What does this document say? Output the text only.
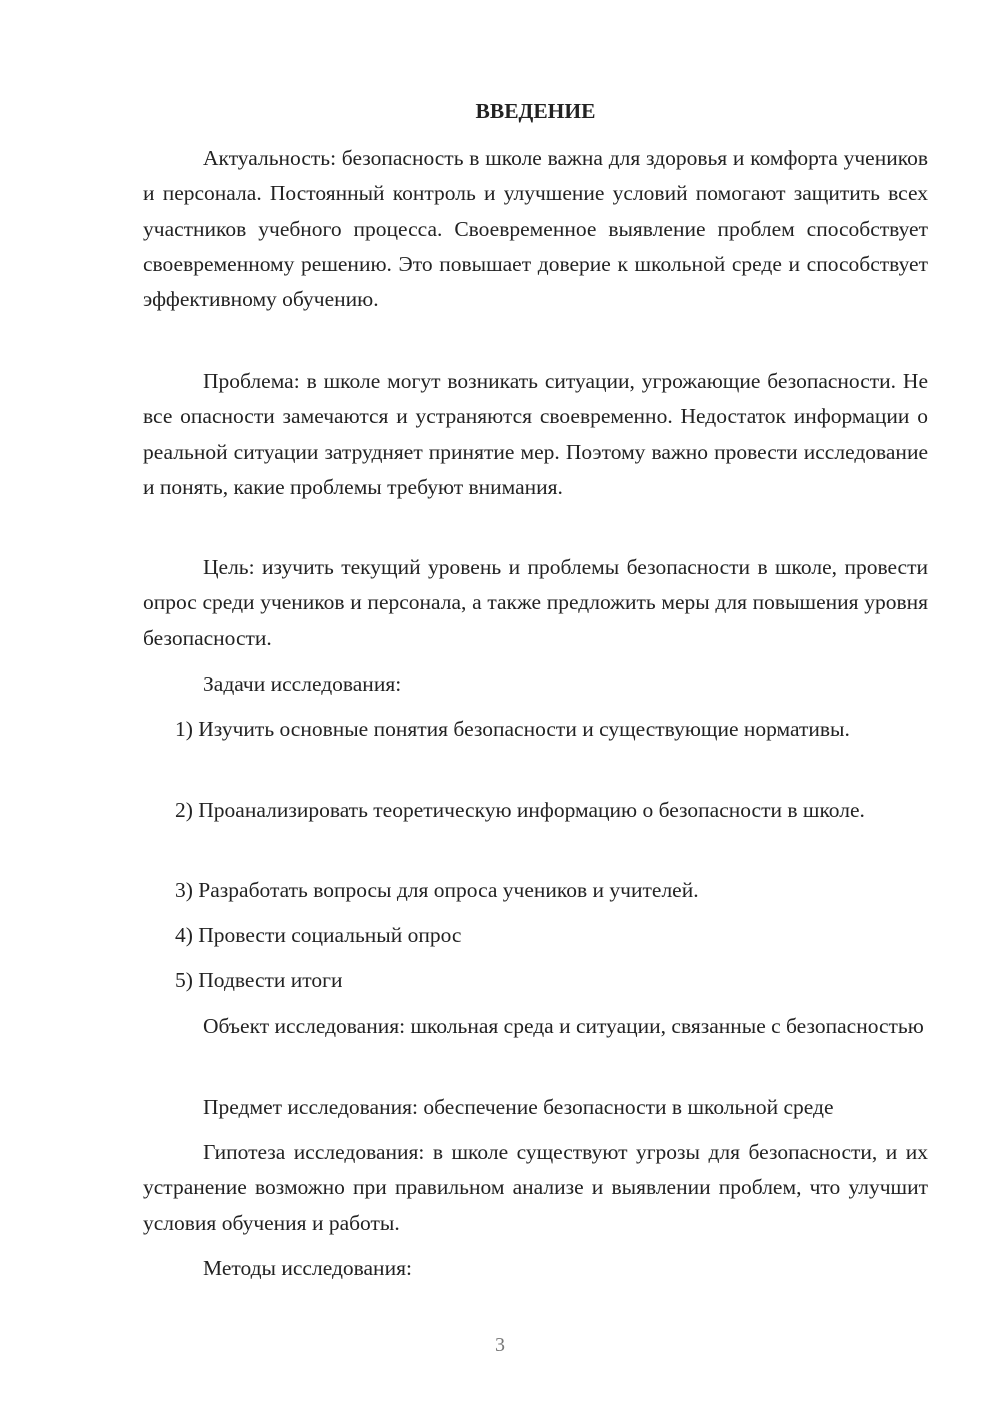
ВВЕДЕНИЕ

Актуальность: безопасность в школе важна для здоровья и комфорта учеников и персонала. Постоянный контроль и улучшение условий помогают защитить всех участников учебного процесса. Своевременное выявление проблем способствует своевременному решению. Это повышает доверие к школьной среде и способствует эффективному обучению.

Проблема: в школе могут возникать ситуации, угрожающие безопасности. Не все опасности замечаются и устраняются своевременно. Недостаток информации о реальной ситуации затрудняет принятие мер. Поэтому важно провести исследование и понять, какие проблемы требуют внимания.

Цель: изучить текущий уровень и проблемы безопасности в школе, провести опрос среди учеников и персонала, а также предложить меры для повышения уровня безопасности.

Задачи исследования:

1) Изучить основные понятия безопасности и существующие нормативы.

2) Проанализировать теоретическую информацию о безопасности в школе.

3) Разработать вопросы для опроса учеников и учителей.

4) Провести социальный опрос

5) Подвести итоги

Объект исследования: школьная среда и ситуации, связанные с безопасностью

Предмет исследования: обеспечение безопасности в школьной среде

Гипотеза исследования: в школе существуют угрозы для безопасности, и их устранение возможно при правильном анализе и выявлении проблем, что улучшит условия обучения и работы.

Методы исследования:

3
